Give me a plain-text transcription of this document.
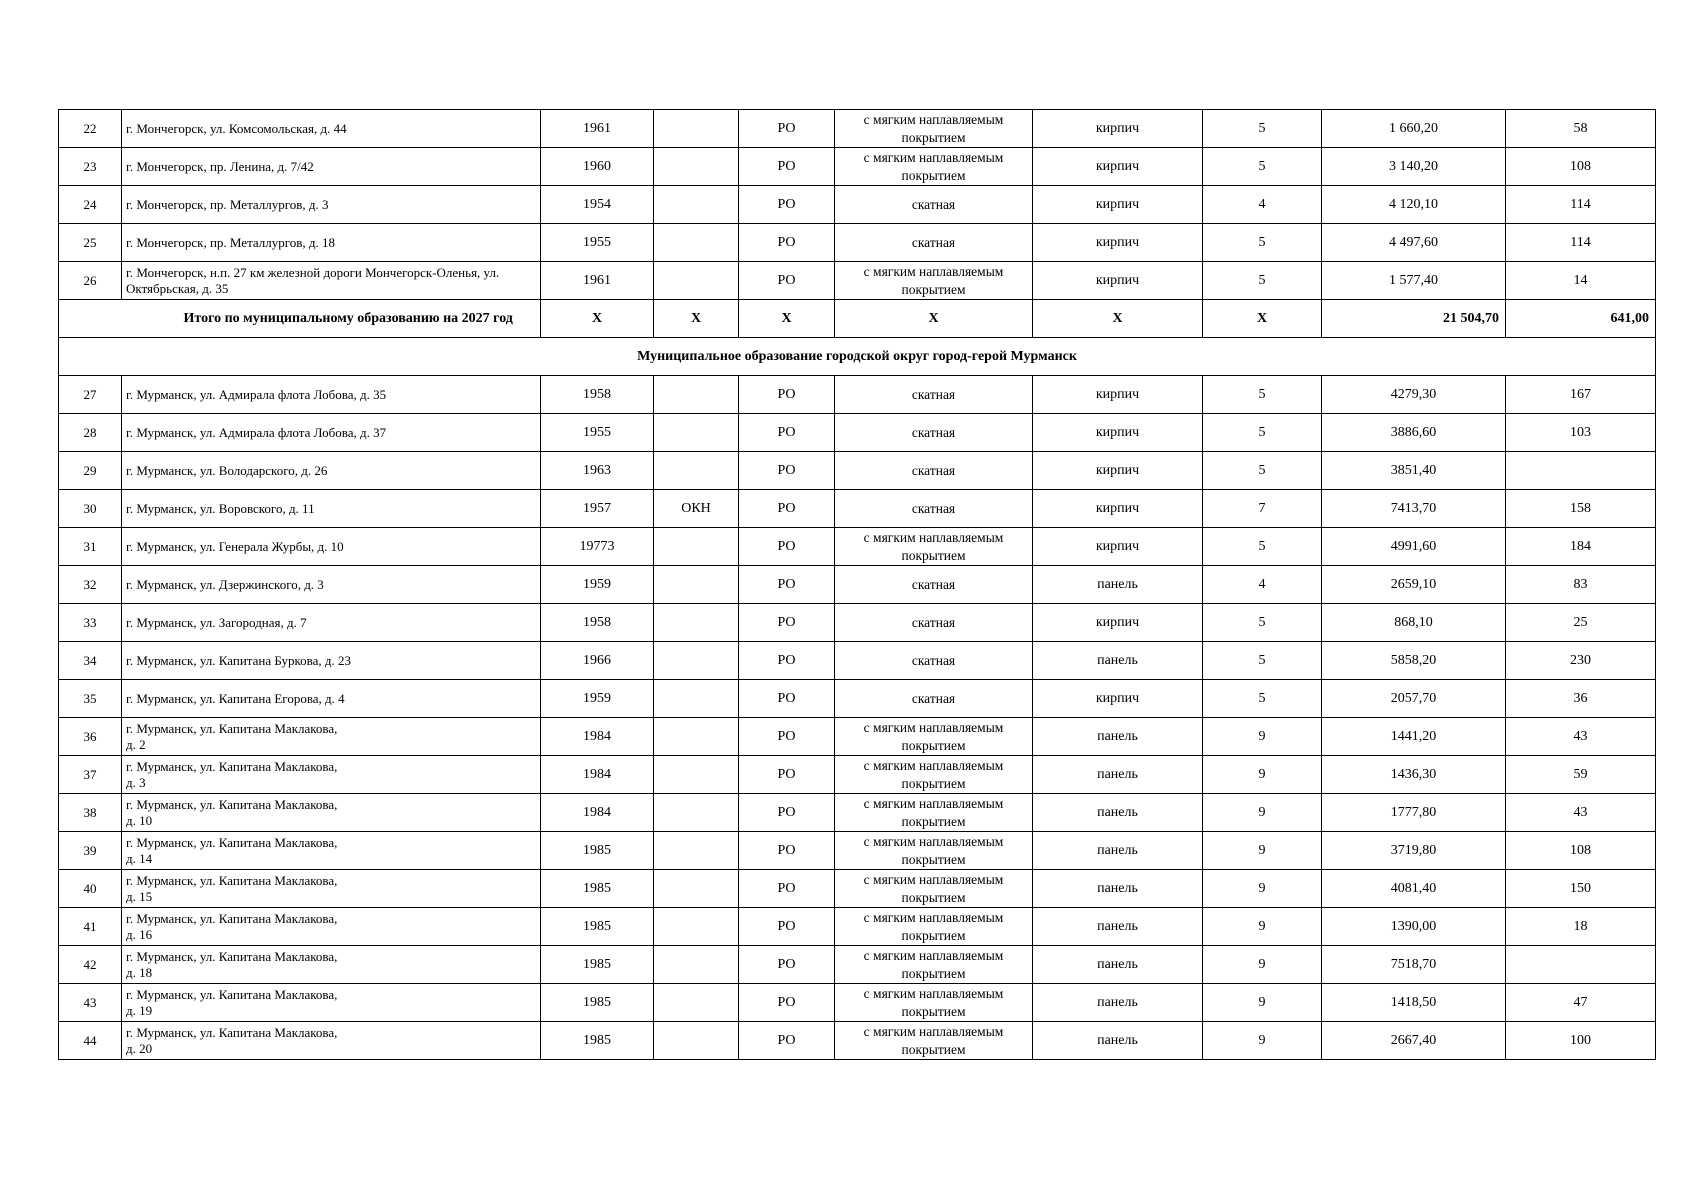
22	г. Мончегорск, ул. Комсомольская, д. 44	1961		РО	с мягким наплавляемым покрытием	кирпич	5	1 660,20	58
23	г. Мончегорск, пр. Ленина, д. 7/42	1960		РО	с мягким наплавляемым покрытием	кирпич	5	3 140,20	108
24	г. Мончегорск, пр. Металлургов, д. 3	1954		РО	скатная	кирпич	4	4 120,10	114
25	г. Мончегорск, пр. Металлургов, д. 18	1955		РО	скатная	кирпич	5	4 497,60	114
26	г. Мончегорск, н.п. 27 км железной дороги Мончегорск-Оленья, ул. Октябрьская, д. 35	1961		РО	с мягким наплавляемым покрытием	кирпич	5	1 577,40	14
	Итого по муниципальному образованию на 2027 год	X	X	X	X	X	X	21 504,70	641,00
Муниципальное образование городской округ город-герой Мурманск									
27	г. Мурманск, ул. Адмирала флота Лобова, д. 35	1958		РО	скатная	кирпич	5	4279,30	167
28	г. Мурманск, ул. Адмирала флота Лобова, д. 37	1955		РО	скатная	кирпич	5	3886,60	103
29	г. Мурманск, ул. Володарского, д. 26	1963		РО	скатная	кирпич	5	3851,40	
30	г. Мурманск, ул. Воровского, д. 11	1957	ОКН	РО	скатная	кирпич	7	7413,70	158
31	г. Мурманск, ул. Генерала Журбы, д. 10	19773		РО	с мягким наплавляемым покрытием	кирпич	5	4991,60	184
32	г. Мурманск, ул. Дзержинского, д. 3	1959		РО	скатная	панель	4	2659,10	83
33	г. Мурманск, ул. Загородная, д. 7	1958		РО	скатная	кирпич	5	868,10	25
34	г. Мурманск, ул. Капитана Буркова, д. 23	1966		РО	скатная	панель	5	5858,20	230
35	г. Мурманск, ул. Капитана Егорова, д. 4	1959		РО	скатная	кирпич	5	2057,70	36
36	г. Мурманск, ул. Капитана Маклакова,
д. 2	1984		РО	с мягким наплавляемым покрытием	панель	9	1441,20	43
37	г. Мурманск, ул. Капитана Маклакова,
д. 3	1984		РО	с мягким наплавляемым покрытием	панель	9	1436,30	59
38	г. Мурманск, ул. Капитана Маклакова,
д. 10	1984		РО	с мягким наплавляемым покрытием	панель	9	1777,80	43
39	г. Мурманск, ул. Капитана Маклакова,
д. 14	1985		РО	с мягким наплавляемым покрытием	панель	9	3719,80	108
40	г. Мурманск, ул. Капитана Маклакова,
д. 15	1985		РО	с мягким наплавляемым покрытием	панель	9	4081,40	150
41	г. Мурманск, ул. Капитана Маклакова,
д. 16	1985		РО	с мягким наплавляемым покрытием	панель	9	1390,00	18
42	г. Мурманск, ул. Капитана Маклакова,
д. 18	1985		РО	с мягким наплавляемым покрытием	панель	9	7518,70	
43	г. Мурманск, ул. Капитана Маклакова,
д. 19	1985		РО	с мягким наплавляемым покрытием	панель	9	1418,50	47
44	г. Мурманск, ул. Капитана Маклакова,
д. 20	1985		РО	с мягким наплавляемым покрытием	панель	9	2667,40	100
